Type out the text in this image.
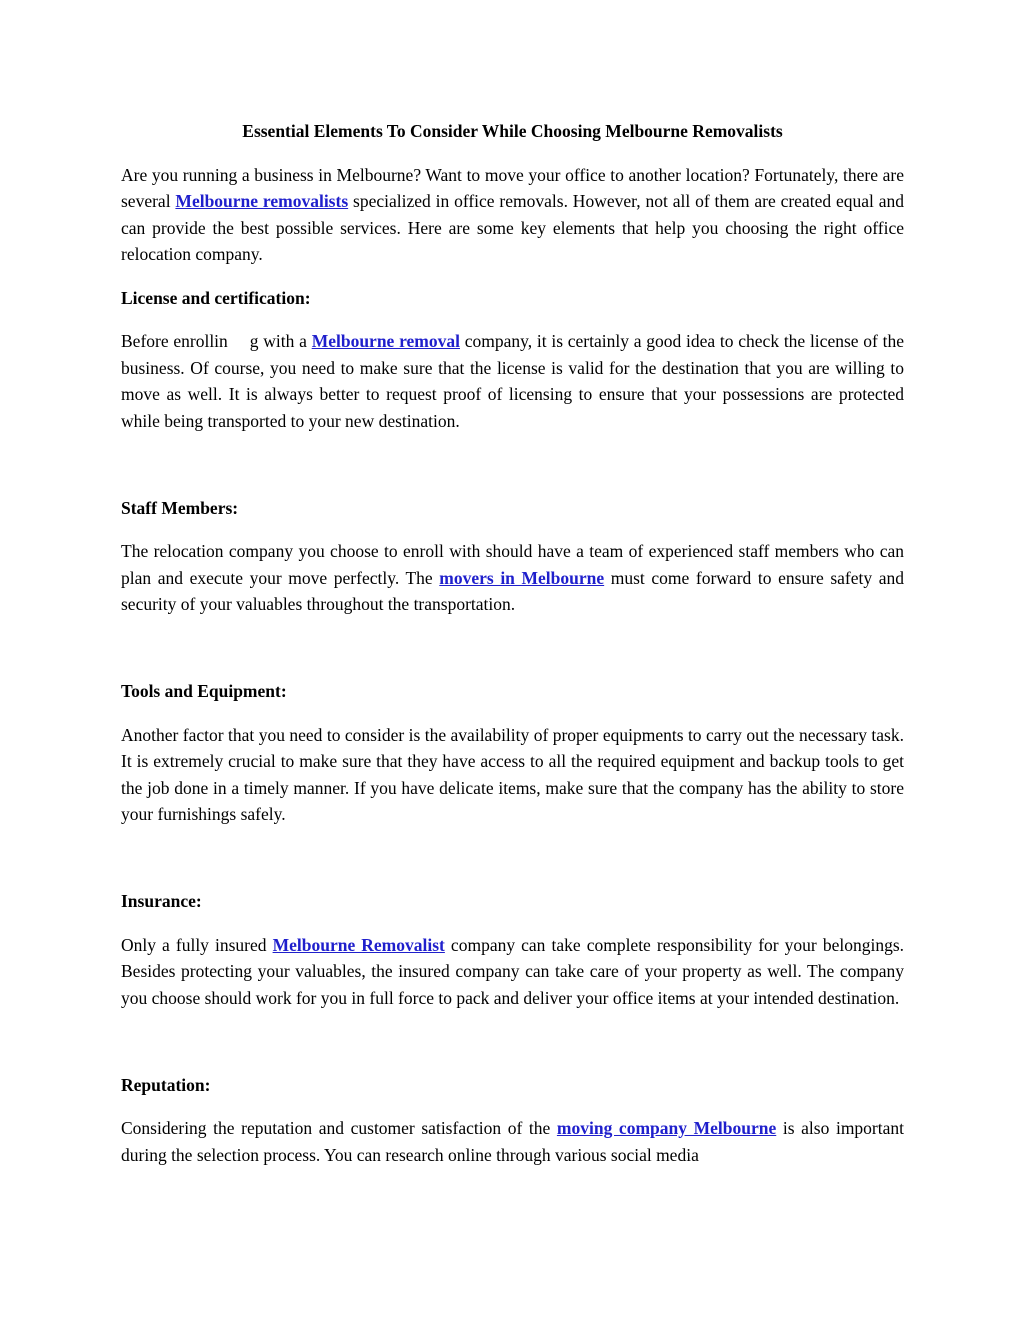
Essential Elements To Consider While Choosing Melbourne Removalists

Are you running a business in Melbourne? Want to move your office to another location? Fortunately, there are several Melbourne removalists specialized in office removals. However, not all of them are created equal and can provide the best possible services. Here are some key elements that help you choosing the right office relocation company.

License and certification:

Before enrollin g with a Melbourne removal company, it is certainly a good idea to check the license of the business. Of course, you need to make sure that the license is valid for the destination that you are willing to move as well. It is always better to request proof of licensing to ensure that your possessions are protected while being transported to your new destination.

Staff Members:

The relocation company you choose to enroll with should have a team of experienced staff members who can plan and execute your move perfectly. The movers in Melbourne must come forward to ensure safety and security of your valuables throughout the transportation.

Tools and Equipment:

Another factor that you need to consider is the availability of proper equipments to carry out the necessary task. It is extremely crucial to make sure that they have access to all the required equipment and backup tools to get the job done in a timely manner. If you have delicate items, make sure that the company has the ability to store your furnishings safely.

Insurance:

Only a fully insured Melbourne Removalist company can take complete responsibility for your belongings. Besides protecting your valuables, the insured company can take care of your property as well. The company you choose should work for you in full force to pack and deliver your office items at your intended destination.

Reputation:

Considering the reputation and customer satisfaction of the moving company Melbourne is also important during the selection process. You can research online through various social media
